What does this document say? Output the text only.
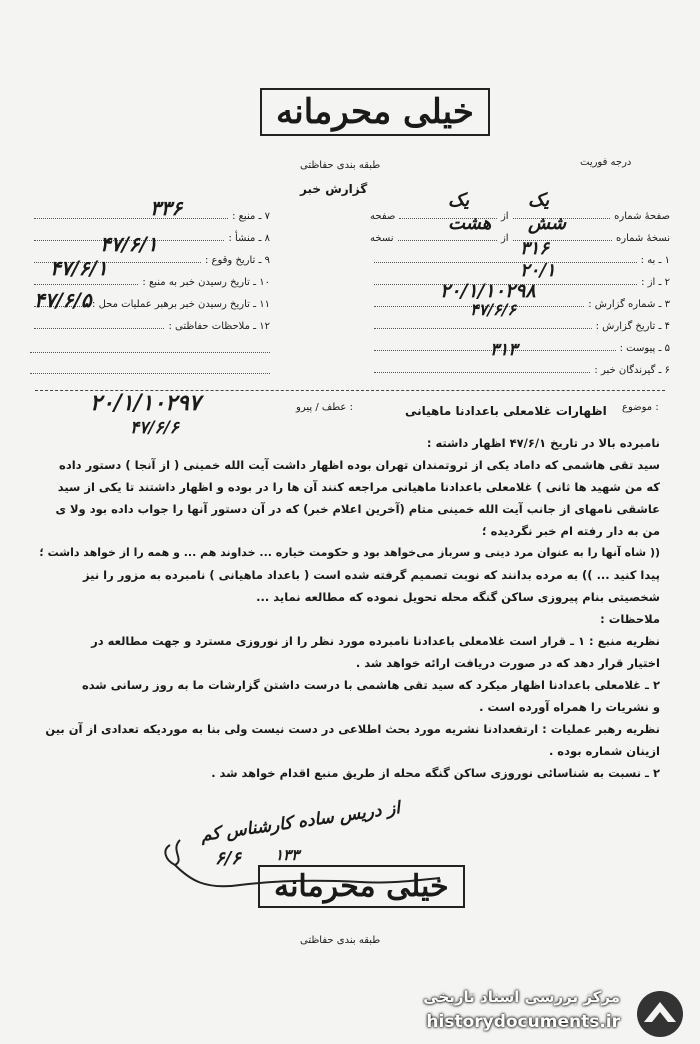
خیلی محرمانه
طبقه بندی حفاظتی	درجه فوریت
گزارش خبر
۷ ـ منبع :
۸ ـ منشأ :
۹ ـ تاریخ وقوع :
۱۰ ـ تاریخ رسیدن خبر به منبع :
۱۱ ـ تاریخ رسیدن خبر برهبر عملیات محل :
۱۲ ـ ملاحظات حفاظتی :
۳۳۶
۴۷/۶/۱
۴۷/۶/۱
۴۷/۶/۵
صفحهٔ شماره
از
صفحه
نسخهٔ شماره
از
نسخه
۱ ـ به :
۲ ـ از :
۳ ـ شماره گزارش :
۴ ـ تاریخ گزارش :
۵ ـ پیوست :
۶ ـ گیرندگان خبر :
یک
یک
شش
هشت
۳۱۶
۲۰/۱
۲۰/۱/۱۰۲۹۸
۴۷/۶/۶
۳۱۳
موضوع :
اظهارات غلامعلی باعدادنا ماهیانی
عطف / پیرو :
۲۰/۱/۱۰۲۹۷
۴۷/۶/۶
نامبرده بالا در تاریخ ۴۷/۶/۱ اظهار داشته :
سید تقی هاشمی که داماد یکی از ثروتمندان تهران بوده اظهار داشت آیت الله خمینی ( از آنجا ) دستور داده
که من شهید ها ثانی ) غلامعلی باعدادنا ماهیانی مراجعه کنند آن ها را در بوده و اظهار داشتند تا یکی از سید
عاشقی نامهای از جانب آیت الله خمینی متام (آخرین اعلام خبر) که در آن دستور آنها را جواب داده بود ولا ی
من به دار رفته ام خبر نگردیده ؛
(( شاه آنها را به عنوان مرد دینی و سرباز می‌خواهد بود و حکومت خیاره ... خداوند هم ... و همه را از خواهد داشت ؛
پیدا کنید ... )) به مرده بدانند که نوبت تصمیم گرفته شده است ( باعداد ماهیانی ) نامبرده به مزور را نیز
شخصیتی بنام پیروزی ساکن گنگه محله تحویل نموده که مطالعه نماید ...
ملاحظات :
نظریه منبع : ۱ ـ قرار است غلامعلی باعدادنا نامبرده مورد نظر را از نوروزی مسترد و جهت مطالعه در
اختیار قرار دهد که در صورت دریافت ارائه خواهد شد .
۲ ـ غلامعلی باعدادنا اظهار میکرد که سید تقی هاشمی با درست داشتن گزارشات ما به روز رسانی شده
و نشریات را همراه آورده است .
نظریه رهبر عملیات : ارتفعدادنا نشریه مورد بحث اطلاعی در دست نیست ولی بنا به موردیکه تعدادی از آن بین
ازینان شماره بوده .
۲ ـ نسبت به شناسائی نوروزی ساکن گنگه محله از طریق منبع اقدام خواهد شد .
از دریس ساده کارشناس کم
۱۳۳
۶/۶
خیلی محرمانه
طبقه بندی حفاظتی
مرکز بررسی اسناد تاریخی
historydocuments.ir
